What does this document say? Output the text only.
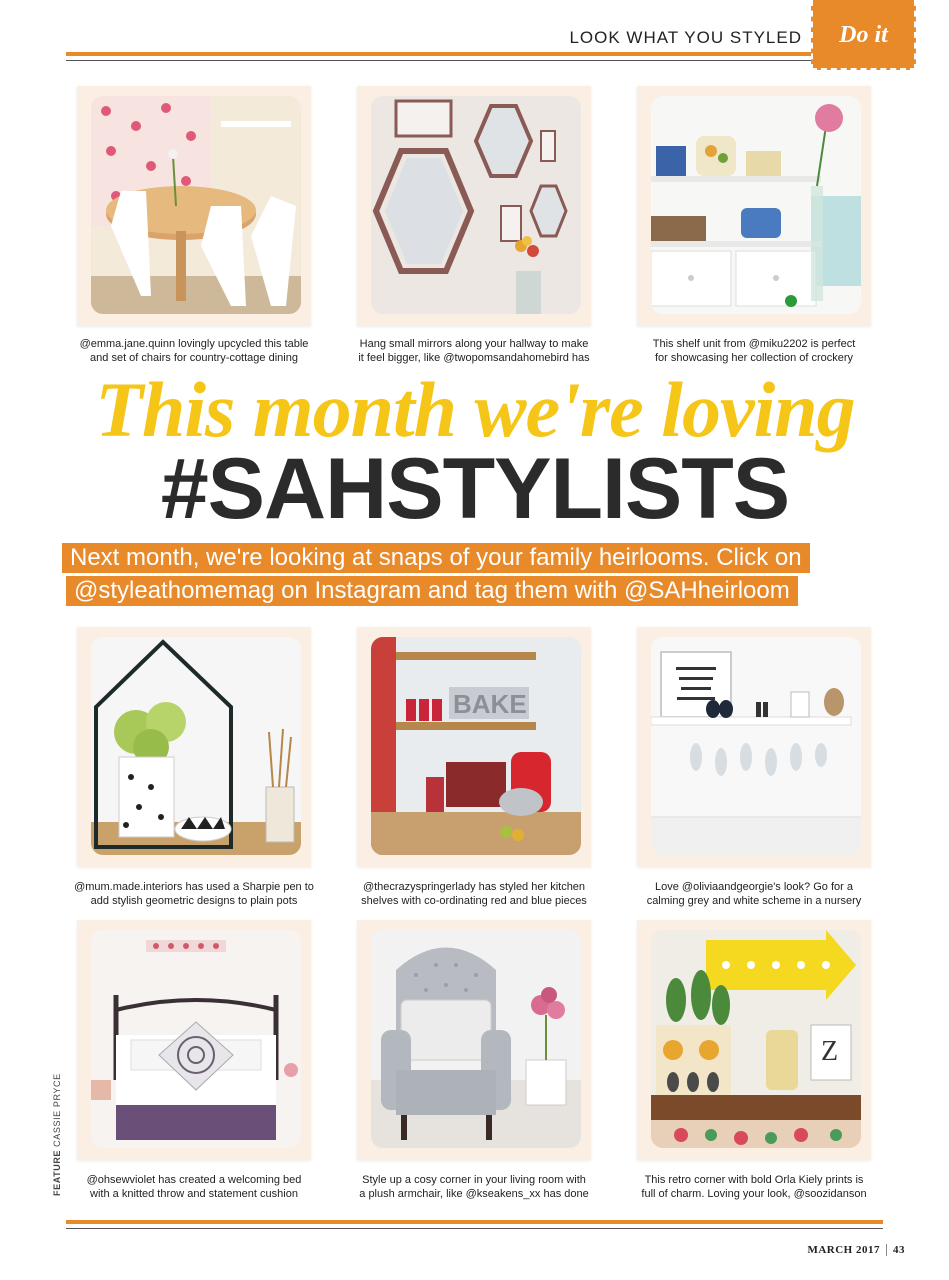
LOOK WHAT YOU STYLED	Do it
@emma.jane.quinn lovingly upcycled this table
and set of chairs for country-cottage dining
Hang small mirrors along your hallway to make
it feel bigger, like @twopomsandahomebird has
This shelf unit from @miku2202 is perfect
for showcasing her collection of crockery
This month we're loving
#SAHSTYLISTS
Next month, we're looking at snaps of your family heirlooms. Click on
@styleathomemag on Instagram and tag them with @SAHheirloom
@mum.made.interiors has used a Sharpie pen to
add stylish geometric designs to plain pots
BAKE
@thecrazyspringerlady has styled her kitchen
shelves with co-ordinating red and blue pieces
Love @oliviaandgeorgie's look? Go for a
calming grey and white scheme in a nursery
@ohsewviolet has created a welcoming bed
with a knitted throw and statement cushion
Style up a cosy corner in your living room with
a plush armchair, like @kseakens_xx has done
Z
This retro corner with bold Orla Kiely prints is
full of charm. Loving your look, @soozidanson
MARCH 2017 43
FEATURE CASSIE PRYCE
